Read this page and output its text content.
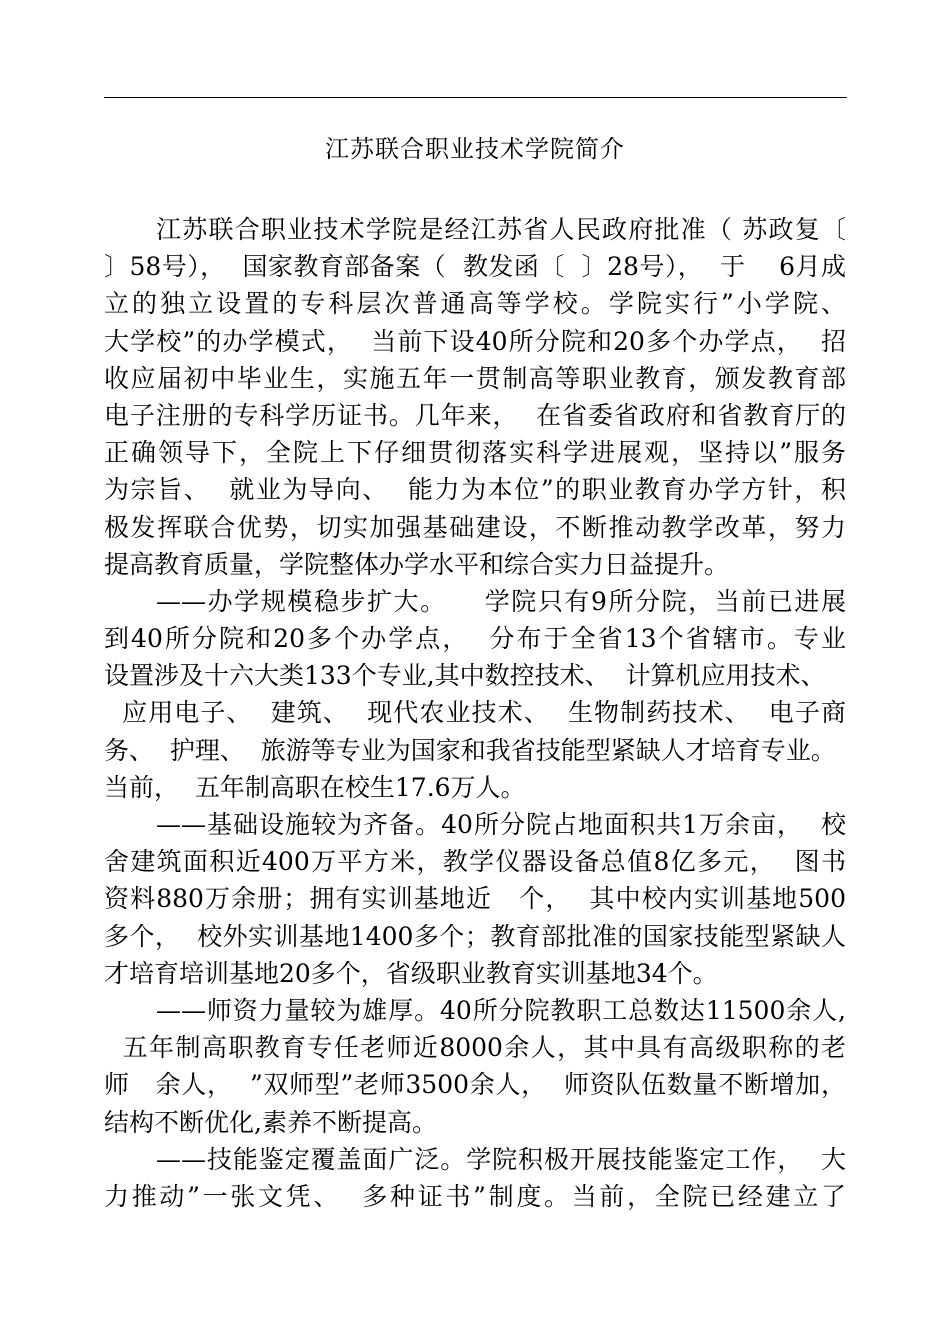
江苏联合职业技术学院简介
江苏联合职业技术学院是经江苏省人民政府批准（ 苏政复〔
〕58号），  国家教育部备案（  教发函〔  〕28号），  于    6月成
立的独立设置的专科层次普通高等学校。学院实行”小学院、
大学校”的办学模式，  当前下设40所分院和20多个办学点，  招
收应届初中毕业生，实施五年一贯制高等职业教育，颁发教育部
电子注册的专科学历证书。几年来，  在省委省政府和省教育厅的
正确领导下，全院上下仔细贯彻落实科学进展观，坚持以”服务
为宗旨、  就业为导向、  能力为本位”的职业教育办学方针，积
极发挥联合优势，切实加强基础建设，不断推动教学改革，努力
提高教育质量，学院整体办学水平和综合实力日益提升。
——办学规模稳步扩大。    学院只有9所分院，当前已进展
到40所分院和20多个办学点，  分布于全省13个省辖市。专业
设置涉及十六大类133个专业,其中数控技术、  计算机应用技术、
应用电子、  建筑、  现代农业技术、  生物制药技术、  电子商
务、  护理、  旅游等专业为国家和我省技能型紧缺人才培育专业。
当前，  五年制高职在校生17.6万人。
——基础设施较为齐备。40所分院占地面积共1万余亩，  校
舍建筑面积近400万平方米，教学仪器设备总值8亿多元，  图书
资料880万余册；拥有实训基地近   个，  其中校内实训基地500
多个，  校外实训基地1400多个；教育部批准的国家技能型紧缺人
才培育培训基地20多个，省级职业教育实训基地34个。
——师资力量较为雄厚。40所分院教职工总数达11500余人,
五年制高职教育专任老师近8000余人，其中具有高级职称的老
师   余人，  ”双师型”老师3500余人，  师资队伍数量不断增加，
结构不断优化,素养不断提高。
——技能鉴定覆盖面广泛。学院积极开展技能鉴定工作，  大
力推动”一张文凭、  多种证书”制度。当前，全院已经建立了
